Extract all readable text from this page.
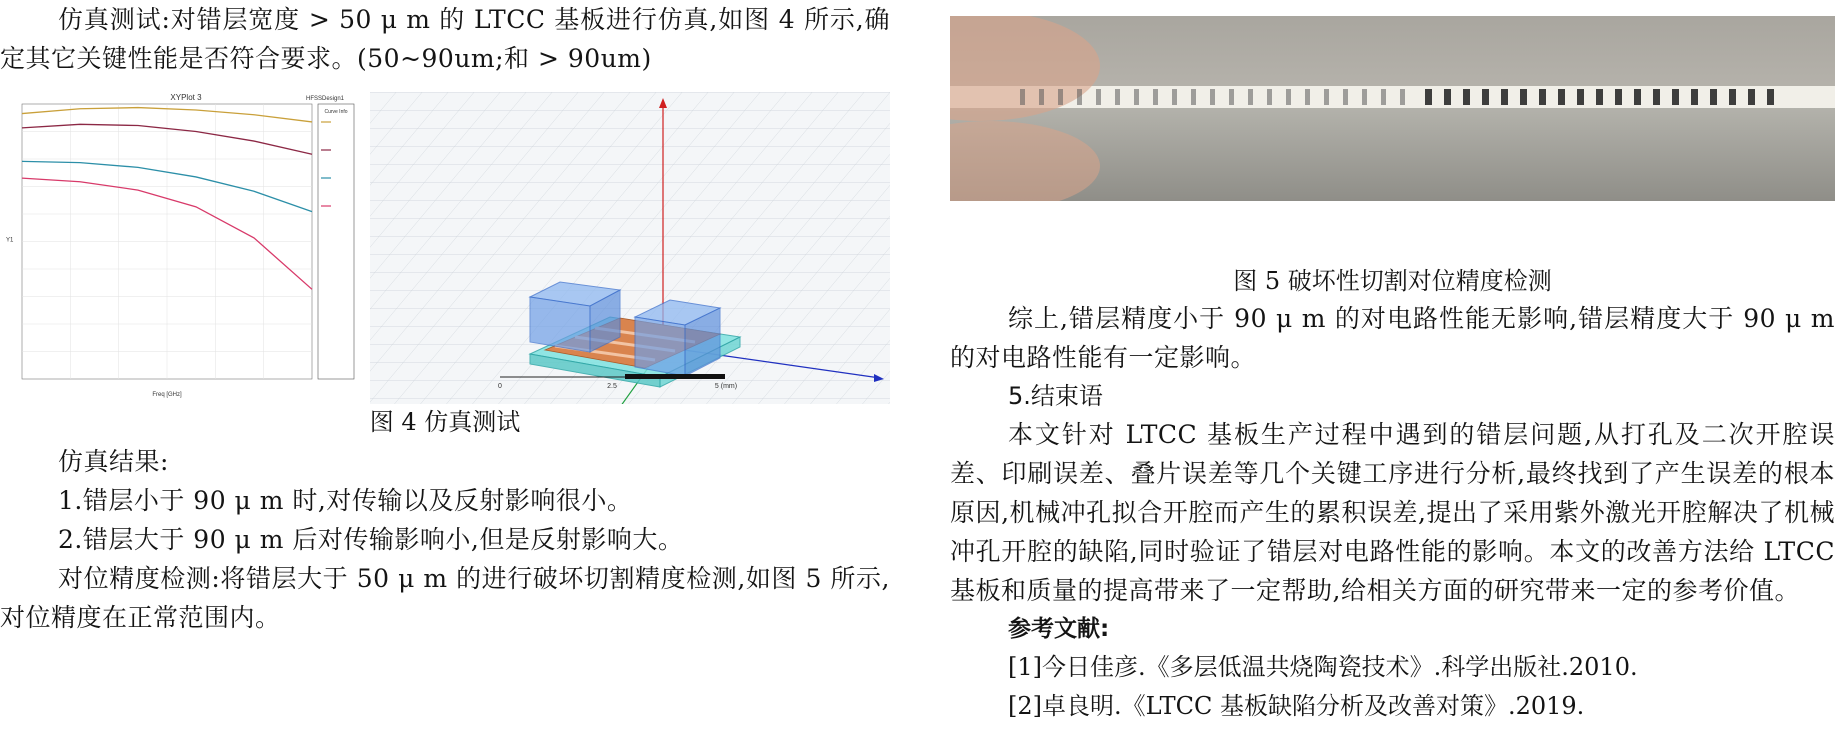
仿真测试:对错层宽度 > 50 μ m 的 LTCC 基板进行仿真,如图 4 所示,确定其它关键性能是否符合要求。(50~90um;和 > 90um)

XYPlot 3	HFSSDesign1
Freq [GHz]
Y1
Curve Info
0	2.5	5 (mm)

图 4 仿真测试

仿真结果:

1.错层小于 90 μ m 时,对传输以及反射影响很小。

2.错层大于 90 μ m 后对传输影响小,但是反射影响大。

对位精度检测:将错层大于 50 μ m 的进行破坏切割精度检测,如图 5 所示,对位精度在正常范围内。

图 5 破坏性切割对位精度检测

综上,错层精度小于 90 μ m 的对电路性能无影响,错层精度大于 90 μ m 的对电路性能有一定影响。

5.结束语

本文针对 LTCC 基板生产过程中遇到的错层问题,从打孔及二次开腔误差、印刷误差、叠片误差等几个关键工序进行分析,最终找到了产生误差的根本原因,机械冲孔拟合开腔而产生的累积误差,提出了采用紫外激光开腔解决了机械冲孔开腔的缺陷,同时验证了错层对电路性能的影响。本文的改善方法给 LTCC 基板和质量的提高带来了一定帮助,给相关方面的研究带来一定的参考价值。

参考文献:

[1]今日佳彦.《多层低温共烧陶瓷技术》.科学出版社.2010.

[2]卓良明.《LTCC 基板缺陷分析及改善对策》.2019.
